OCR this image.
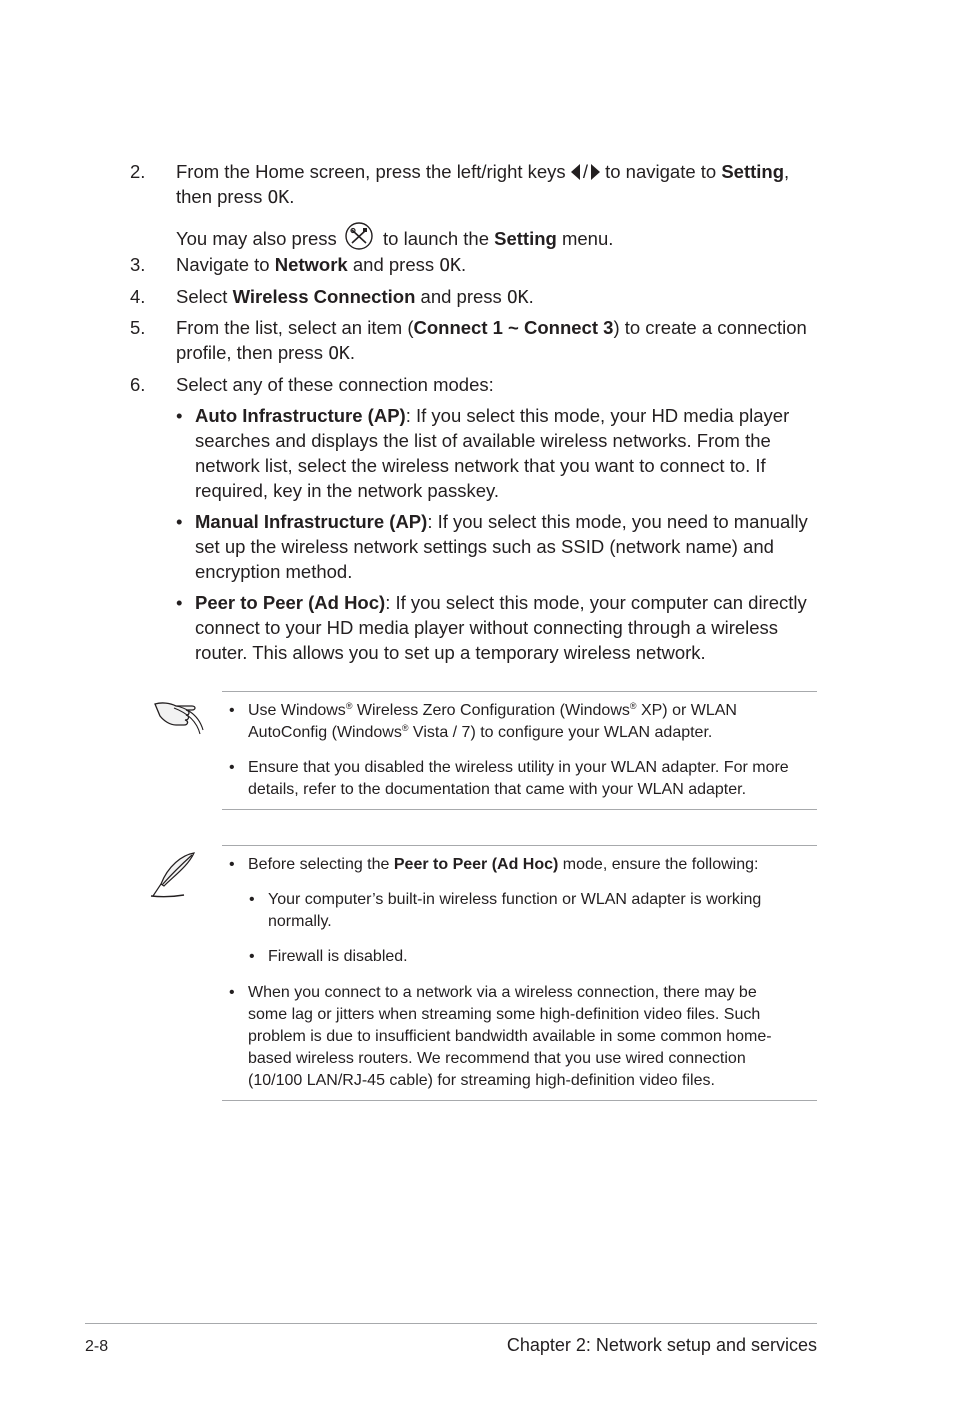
2. From the Home screen, press the left/right keys / to navigate to Setting,
then press OK.
You may also press  to launch the Setting menu.
3. Navigate to Network and press OK.
4. Select Wireless Connection and press OK.
5. From the list, select an item (Connect 1 ~ Connect 3) to create a connection
profile, then press OK.
6. Select any of these connection modes:
• Auto Infrastructure (AP): If you select this mode, your HD media player
searches and displays the list of available wireless networks. From the
network list, select the wireless network that you want to connect to. If
required, key in the network passkey.
• Manual Infrastructure (AP): If you select this mode, you need to manually
set up the wireless network settings such as SSID (network name) and
encryption method.
• Peer to Peer (Ad Hoc): If you select this mode, your computer can directly
connect to your HD media player without connecting through a wireless
router. This allows you to set up a temporary wireless network.
• Use Windows® Wireless Zero Configuration (Windows® XP) or WLAN
AutoConfig (Windows® Vista / 7) to configure your WLAN adapter.
• Ensure that you disabled the wireless utility in your WLAN adapter. For more
details, refer to the documentation that came with your WLAN adapter.
• Before selecting the Peer to Peer (Ad Hoc) mode, ensure the following:
• Your computer’s built-in wireless function or WLAN adapter is working
normally.
• Firewall is disabled.
• When you connect to a network via a wireless connection, there may be
some lag or jitters when streaming some high-definition video files. Such
problem is due to insufficient bandwidth available in some common home-
based wireless routers. We recommend that you use wired connection
(10/100 LAN/RJ-45 cable) for streaming high-definition video files.
2-8	Chapter 2: Network setup and services
